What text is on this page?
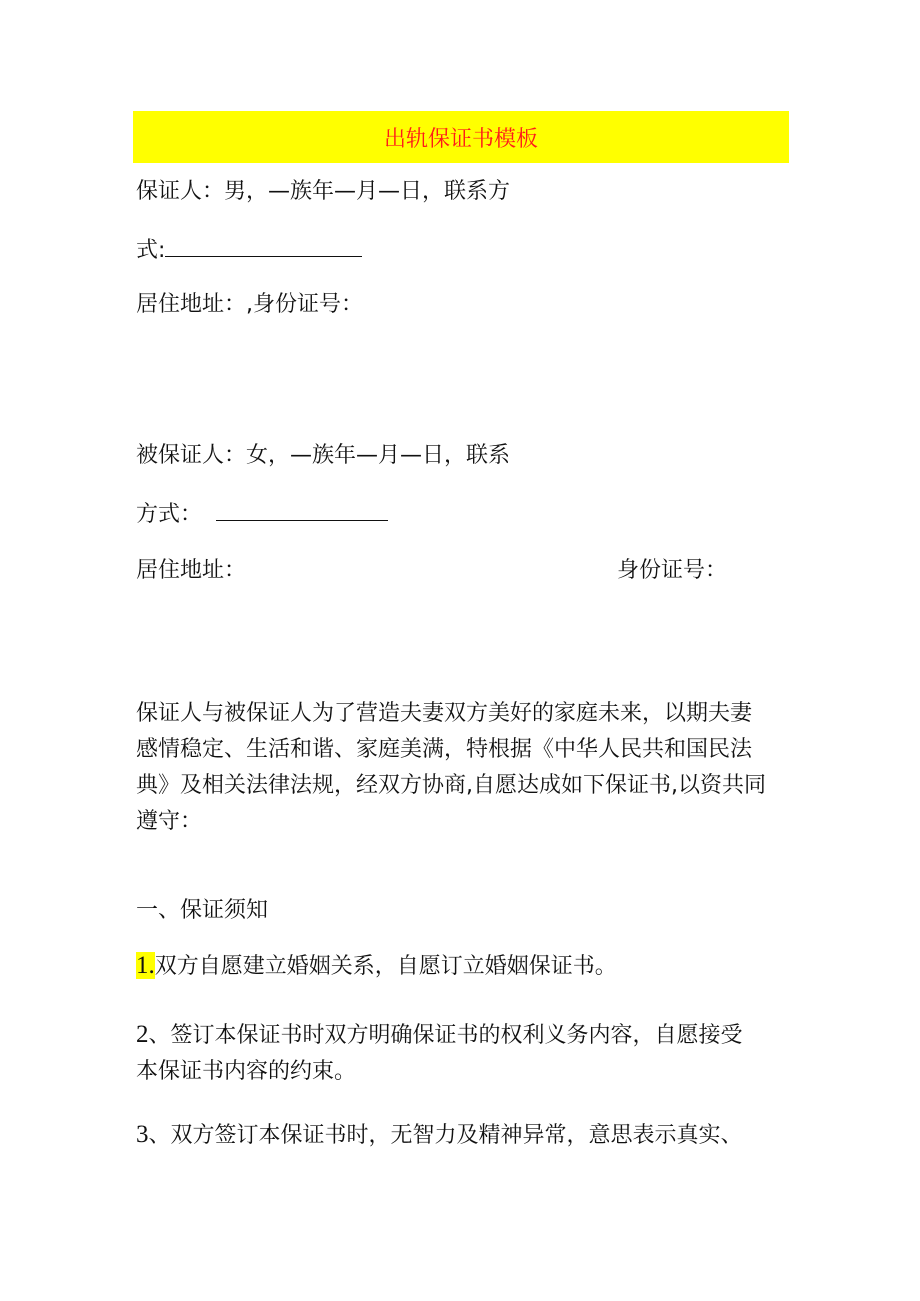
出轨保证书模板
保证人：男，—族年—月—日，联系方
式:
居住地址：,身份证号：
被保证人：女，—族年—月—日，联系
方式：
居住地址：	身份证号：
保证人与被保证人为了营造夫妻双方美好的家庭未来，以期夫妻
感情稳定、生活和谐、家庭美满，特根据《中华人民共和国民法
典》及相关法律法规，经双方协商,自愿达成如下保证书,以资共同
遵守：
一、保证须知
1.双方自愿建立婚姻关系，自愿订立婚姻保证书。
2、签订本保证书时双方明确保证书的权利义务内容，自愿接受
本保证书内容的约束。
3、双方签订本保证书时，无智力及精神异常，意思表示真实、
